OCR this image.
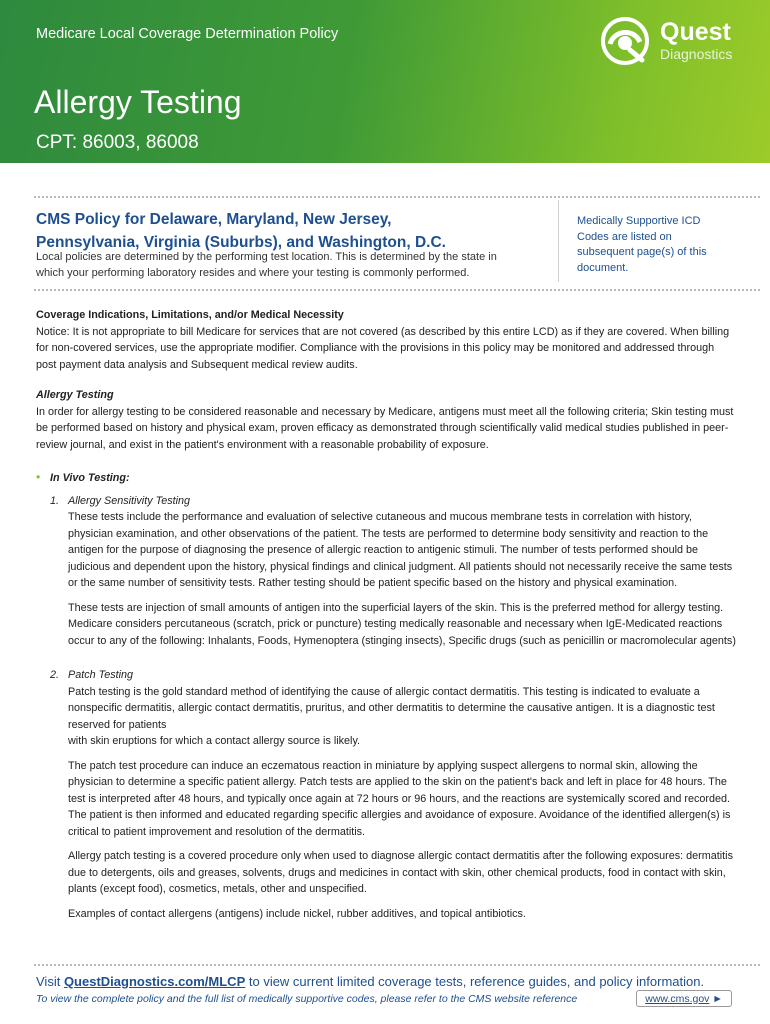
Medicare Local Coverage Determination Policy
Allergy Testing
CPT: 86003, 86008
Quest
Diagnostics
CMS Policy for Delaware, Maryland, New Jersey,
Pennsylvania, Virginia (Suburbs), and Washington, D.C.
Local policies are determined by the performing test location. This is determined by the state in which your performing laboratory resides and where your testing is commonly performed.
Medically Supportive ICD Codes are listed on subsequent page(s) of this document.
Coverage Indications, Limitations, and/or Medical Necessity
Notice: It is not appropriate to bill Medicare for services that are not covered (as described by this entire LCD) as if they are covered. When billing for non-covered services, use the appropriate modifier. Compliance with the provisions in this policy may be monitored and addressed through post payment data analysis and Subsequent medical review audits.
Allergy Testing
In order for allergy testing to be considered reasonable and necessary by Medicare, antigens must meet all the following criteria; Skin testing must be performed based on history and physical exam, proven efficacy as demonstrated through scientifically valid medical studies published in peer-review journal, and exist in the patient's environment with a reasonable probability of exposure.
• In Vivo Testing:
1. Allergy Sensitivity Testing
These tests include the performance and evaluation of selective cutaneous and mucous membrane tests in correlation with history, physician examination, and other observations of the patient. The tests are performed to determine body sensitivity and reaction to the antigen for the purpose of diagnosing the presence of allergic reaction to antigenic stimuli. The number of tests performed should be judicious and dependent upon the history, physical findings and clinical judgment. All patients should not necessarily receive the same tests or the same number of sensitivity tests. Rather testing should be patient specific based on the history and physical examination.
These tests are injection of small amounts of antigen into the superficial layers of the skin. This is the preferred method for allergy testing. Medicare considers percutaneous (scratch, prick or puncture) testing medically reasonable and necessary when IgE-Medicated reactions occur to any of the following: Inhalants, Foods, Hymenoptera (stinging insects), Specific drugs (such as penicillin or macromolecular agents)
2. Patch Testing
Patch testing is the gold standard method of identifying the cause of allergic contact dermatitis. This testing is indicated to evaluate a nonspecific dermatitis, allergic contact dermatitis, pruritus, and other dermatitis to determine the causative antigen. It is a diagnostic test reserved for patients
with skin eruptions for which a contact allergy source is likely.
The patch test procedure can induce an eczematous reaction in miniature by applying suspect allergens to normal skin, allowing the physician to determine a specific patient allergy. Patch tests are applied to the skin on the patient's back and left in place for 48 hours. The test is interpreted after 48 hours, and typically once again at 72 hours or 96 hours, and the reactions are systemically scored and recorded. The patient is then informed and educated regarding specific allergies and avoidance of exposure. Avoidance of the identified allergen(s) is critical to patient improvement and resolution of the dermatitis.
Allergy patch testing is a covered procedure only when used to diagnose allergic contact dermatitis after the following exposures: dermatitis due to detergents, oils and greases, solvents, drugs and medicines in contact with skin, other chemical products, food in contact with skin, plants (except food), cosmetics, metals, other and unspecified.
Examples of contact allergens (antigens) include nickel, rubber additives, and topical antibiotics.
Visit QuestDiagnostics.com/MLCP to view current limited coverage tests, reference guides, and policy information.
To view the complete policy and the full list of medically supportive codes, please refer to the CMS website reference	www.cms.gov
►
